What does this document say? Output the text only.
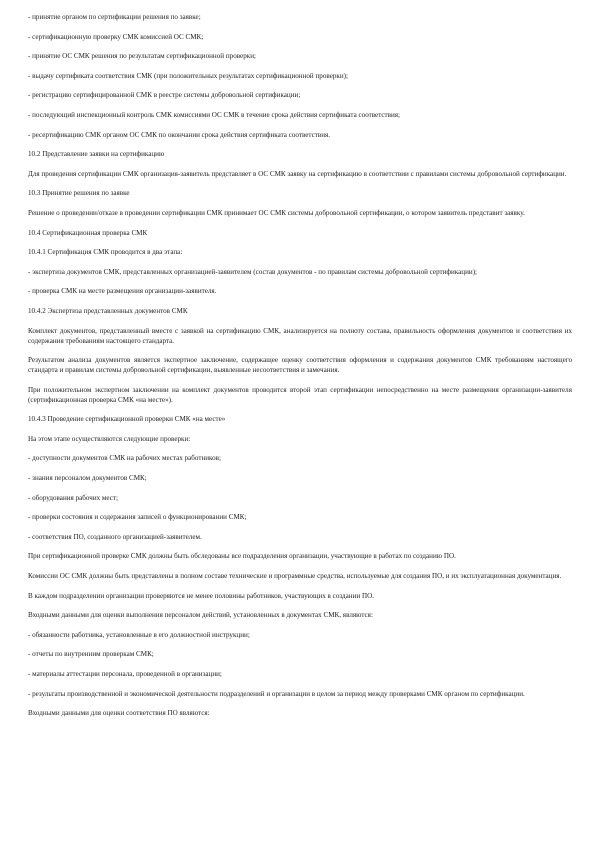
- принятие органом по сертификации решения по заявке;

- сертификационную проверку СМК комиссией ОС СМК;

- принятие ОС СМК решения по результатам сертификационной проверки;

- выдачу сертификата соответствия СМК (при положительных результатах сертификационной проверки);

- регистрацию сертифицированной СМК в реестре системы добровольной сертификации;

- последующий инспекционный контроль СМК комиссиями ОС СМК в течение срока действия сертификата соответствия;

- ресертификацию СМК органом ОС СМК по окончании срока действия сертификата соответствия.

10.2 Представление заявки на сертификацию

Для проведения сертификации СМК организация-заявитель представляет в ОС СМК заявку на сертификацию в соответствии с правилами системы добровольной сертификации.

10.3 Принятие решения по заявке

Решение о проведении/отказе в проведении сертификации СМК принимает ОС СМК системы добровольной сертификации, о котором заявитель представит заявку.

10.4 Сертификационная проверка СМК

10.4.1 Сертификация СМК проводится в два этапа:

- экспертиза документов СМК, представленных организацией-заявителем (состав документов - по правилам системы добровольной сертификации);

- проверка СМК на месте размещения организации-заявителя.

10.4.2 Экспертиза представленных документов СМК

Комплект документов, представленный вместе с заявкой на сертификацию СМК, анализируется на полноту состава, правильность оформления документов и соответствия их содержания требованиям настоящего стандарта.

Результатом анализа документов является экспертное заключение, содержащее оценку соответствия оформления и содержания документов СМК требованиям настоящего стандарта и правилам системы добровольной сертификации, выявленные несоответствия и замечания.

При положительном экспертном заключении на комплект документов проводится второй этап сертификации непосредственно на месте размещения организации-заявителя (сертификационная проверка СМК «на месте»).

10.4.3 Проведение сертификационной проверки СМК «на месте»

На этом этапе осуществляются следующие проверки:

- доступности документов СМК на рабочих местах работников;

- знания персоналом документов СМК;

- оборудования рабочих мест;

- проверки состояния и содержания записей о функционировании СМК;

- соответствия ПО, созданного организацией-заявителем.

При сертификационной проверке СМК должны быть обследованы все подразделения организации, участвующие в работах по созданию ПО.

Комиссии ОС СМК должны быть представлены в полном составе технические и программные средства, используемые для создания ПО, и их эксплуатационная документация.

В каждом подразделении организации проверяются не менее половины работников, участвующих в создании ПО.

Входными данными для оценки выполнения персоналом действий, установленных в документах СМК, являются:

- обязанности работника, установленные в его должностной инструкции;

- отчеты по внутренним проверкам СМК;

- материалы аттестации персонала, проведенной в организации;

- результаты производственной и экономической деятельности подразделений и организации в целом за период между проверками СМК органом по сертификации.

Входными данными для оценки соответствия ПО являются:
